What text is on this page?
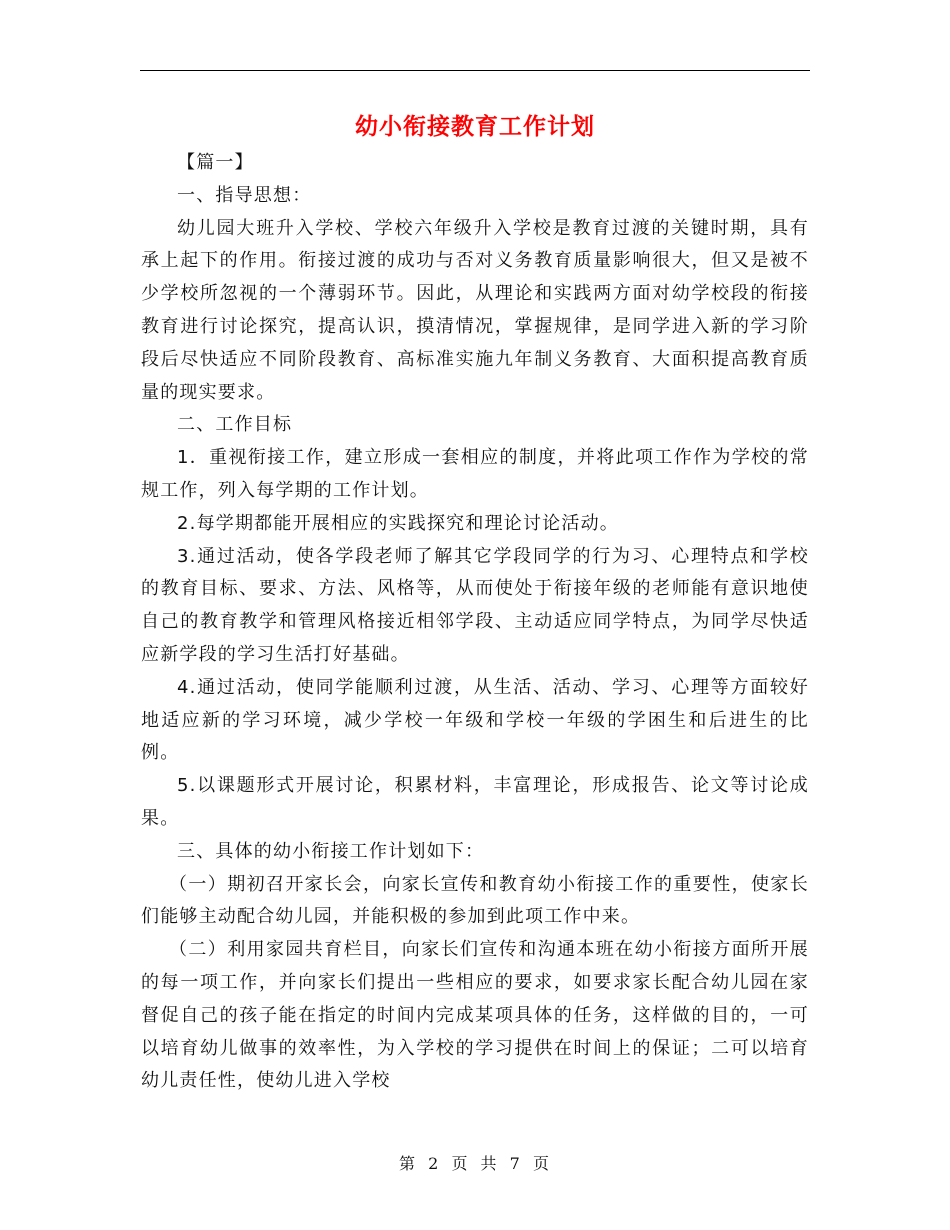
幼小衔接教育工作计划

【篇一】

一、指导思想：

幼儿园大班升入学校、学校六年级升入学校是教育过渡的关键时期，具有承上起下的作用。衔接过渡的成功与否对义务教育质量影响很大，但又是被不少学校所忽视的一个薄弱环节。因此，从理论和实践两方面对幼学校段的衔接教育进行讨论探究，提高认识，摸清情况，掌握规律，是同学进入新的学习阶段后尽快适应不同阶段教育、高标准实施九年制义务教育、大面积提高教育质量的现实要求。

二、工作目标

1．重视衔接工作，建立形成一套相应的制度，并将此项工作作为学校的常规工作，列入每学期的工作计划。

2.每学期都能开展相应的实践探究和理论讨论活动。

3.通过活动，使各学段老师了解其它学段同学的行为习、心理特点和学校的教育目标、要求、方法、风格等，从而使处于衔接年级的老师能有意识地使自己的教育教学和管理风格接近相邻学段、主动适应同学特点，为同学尽快适应新学段的学习生活打好基础。

4.通过活动，使同学能顺利过渡，从生活、活动、学习、心理等方面较好地适应新的学习环境，减少学校一年级和学校一年级的学困生和后进生的比例。

5.以课题形式开展讨论，积累材料，丰富理论，形成报告、论文等讨论成果。

三、具体的幼小衔接工作计划如下：

（一）期初召开家长会，向家长宣传和教育幼小衔接工作的重要性，使家长们能够主动配合幼儿园，并能积极的参加到此项工作中来。

（二）利用家园共育栏目，向家长们宣传和沟通本班在幼小衔接方面所开展的每一项工作，并向家长们提出一些相应的要求，如要求家长配合幼儿园在家督促自己的孩子能在指定的时间内完成某项具体的任务，这样做的目的，一可以培育幼儿做事的效率性，为入学校的学习提供在时间上的保证；二可以培育幼儿责任性，使幼儿进入学校

第 2 页 共 7 页
